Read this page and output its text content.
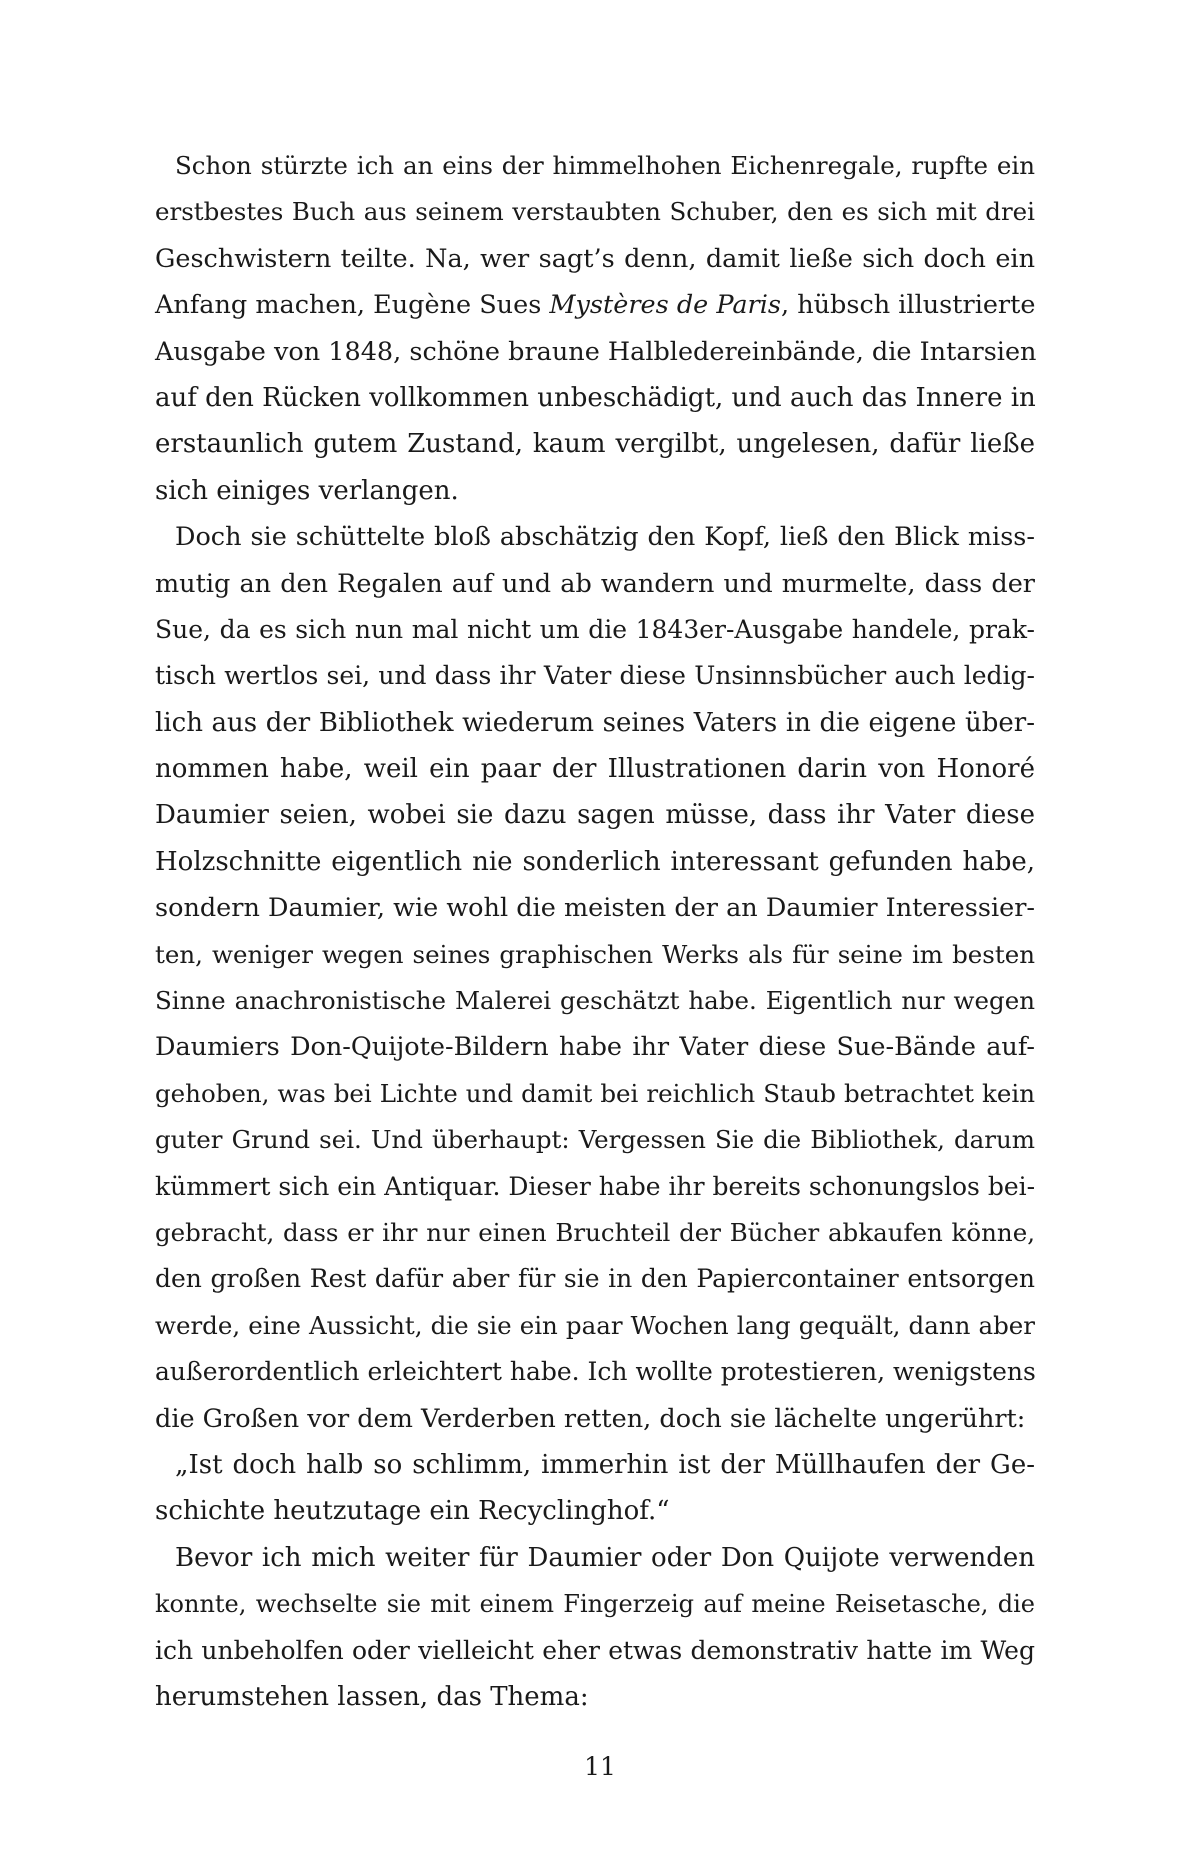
Schon stürzte ich an eins der himmelhohen Eichenregale, rupfte ein
erstbestes Buch aus seinem verstaubten Schuber, den es sich mit drei
Geschwistern teilte. Na, wer sagt’s denn, damit ließe sich doch ein
Anfang machen, Eugène Sues Mystères de Paris, hübsch illustrierte
Ausgabe von 1848, schöne braune Halbledereinbände, die Intarsien
auf den Rücken vollkommen unbeschädigt, und auch das Innere in
erstaunlich gutem Zustand, kaum vergilbt, ungelesen, dafür ließe
sich einiges verlangen.
Doch sie schüttelte bloß abschätzig den Kopf, ließ den Blick miss-
mutig an den Regalen auf und ab wandern und murmelte, dass der
Sue, da es sich nun mal nicht um die 1843er-Ausgabe handele, prak-
tisch wertlos sei, und dass ihr Vater diese Unsinnsbücher auch ledig-
lich aus der Bibliothek wiederum seines Vaters in die eigene über-
nommen habe, weil ein paar der Illustrationen darin von Honoré
Daumier seien, wobei sie dazu sagen müsse, dass ihr Vater diese
Holzschnitte eigentlich nie sonderlich interessant gefunden habe,
sondern Daumier, wie wohl die meisten der an Daumier Interessier-
ten, weniger wegen seines graphischen Werks als für seine im besten
Sinne anachronistische Malerei geschätzt habe. Eigentlich nur wegen
Daumiers Don-Quijote-Bildern habe ihr Vater diese Sue-Bände auf-
gehoben, was bei Lichte und damit bei reichlich Staub betrachtet kein
guter Grund sei. Und überhaupt: Vergessen Sie die Bibliothek, darum
kümmert sich ein Antiquar. Dieser habe ihr bereits schonungslos bei-
gebracht, dass er ihr nur einen Bruchteil der Bücher abkaufen könne,
den großen Rest dafür aber für sie in den Papiercontainer entsorgen
werde, eine Aussicht, die sie ein paar Wochen lang gequält, dann aber
außerordentlich erleichtert habe. Ich wollte protestieren, wenigstens
die Großen vor dem Verderben retten, doch sie lächelte ungerührt:
„Ist doch halb so schlimm, immerhin ist der Müllhaufen der Ge-
schichte heutzutage ein Recyclinghof.“
Bevor ich mich weiter für Daumier oder Don Quijote verwenden
konnte, wechselte sie mit einem Fingerzeig auf meine Reisetasche, die
ich unbeholfen oder vielleicht eher etwas demonstrativ hatte im Weg
herumstehen lassen, das Thema:
11
